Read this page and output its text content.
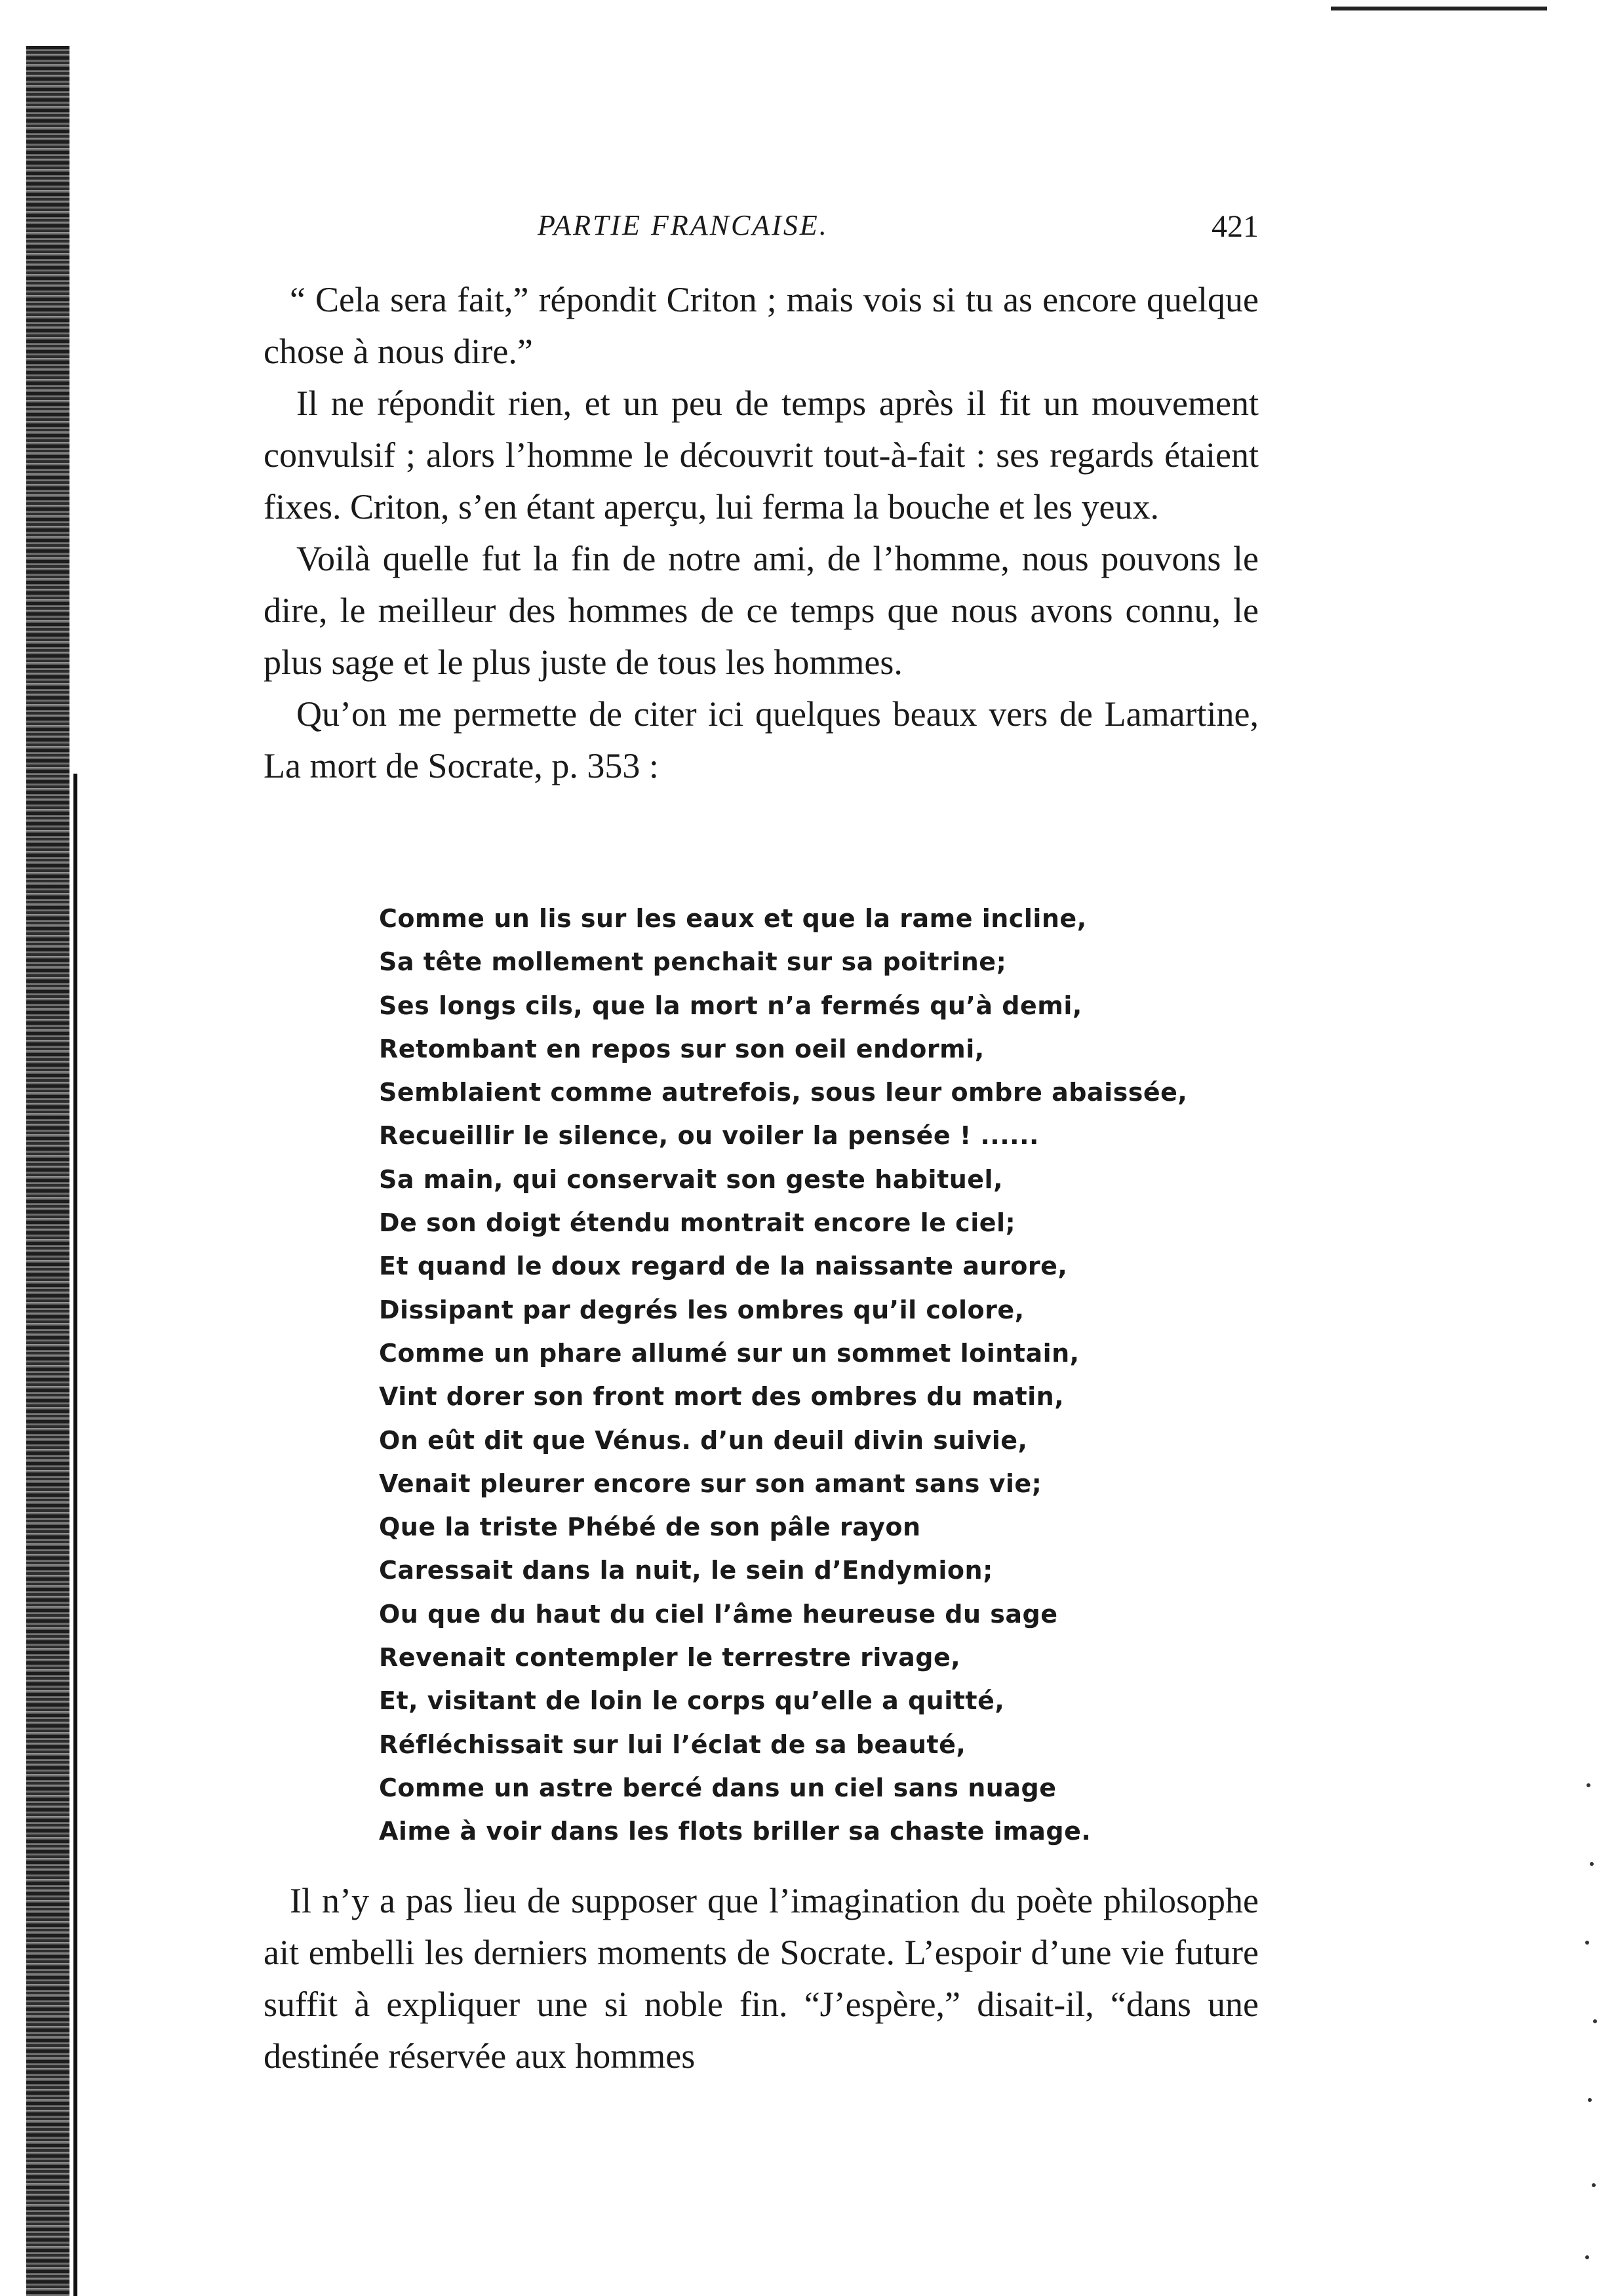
PARTIE FRANCAISE.	421

“ Cela sera fait,” répondit Criton ; mais vois si tu as encore quelque chose à nous dire.”

Il ne répondit rien, et un peu de temps après il fit un mouvement convulsif ; alors l’homme le découvrit tout-à-fait : ses regards étaient fixes. Criton, s’en étant aperçu, lui ferma la bouche et les yeux.

Voilà quelle fut la fin de notre ami, de l’homme, nous pouvons le dire, le meilleur des hommes de ce temps que nous avons connu, le plus sage et le plus juste de tous les hommes.

Qu’on me permette de citer ici quelques beaux vers de Lamartine, La mort de Socrate, p. 353 :

Comme un lis sur les eaux et que la rame incline,
Sa tête mollement penchait sur sa poitrine;
Ses longs cils, que la mort n’a fermés qu’à demi,
Retombant en repos sur son oeil endormi,
Semblaient comme autrefois, sous leur ombre abaissée,
Recueillir le silence, ou voiler la pensée ! ......
Sa main, qui conservait son geste habituel,
De son doigt étendu montrait encore le ciel;
Et quand le doux regard de la naissante aurore,
Dissipant par degrés les ombres qu’il colore,
Comme un phare allumé sur un sommet lointain,
Vint dorer son front mort des ombres du matin,
On eût dit que Vénus. d’un deuil divin suivie,
Venait pleurer encore sur son amant sans vie;
Que la triste Phébé de son pâle rayon
Caressait dans la nuit, le sein d’Endymion;
Ou que du haut du ciel l’âme heureuse du sage
Revenait contempler le terrestre rivage,
Et, visitant de loin le corps qu’elle a quitté,
Réfléchissait sur lui l’éclat de sa beauté,
Comme un astre bercé dans un ciel sans nuage
Aime à voir dans les flots briller sa chaste image.

Il n’y a pas lieu de supposer que l’imagination du poète philosophe ait embelli les derniers moments de Socrate. L’espoir d’une vie future suffit à expliquer une si noble fin. “J’espère,” disait-il, “dans une destinée réservée aux hommes
